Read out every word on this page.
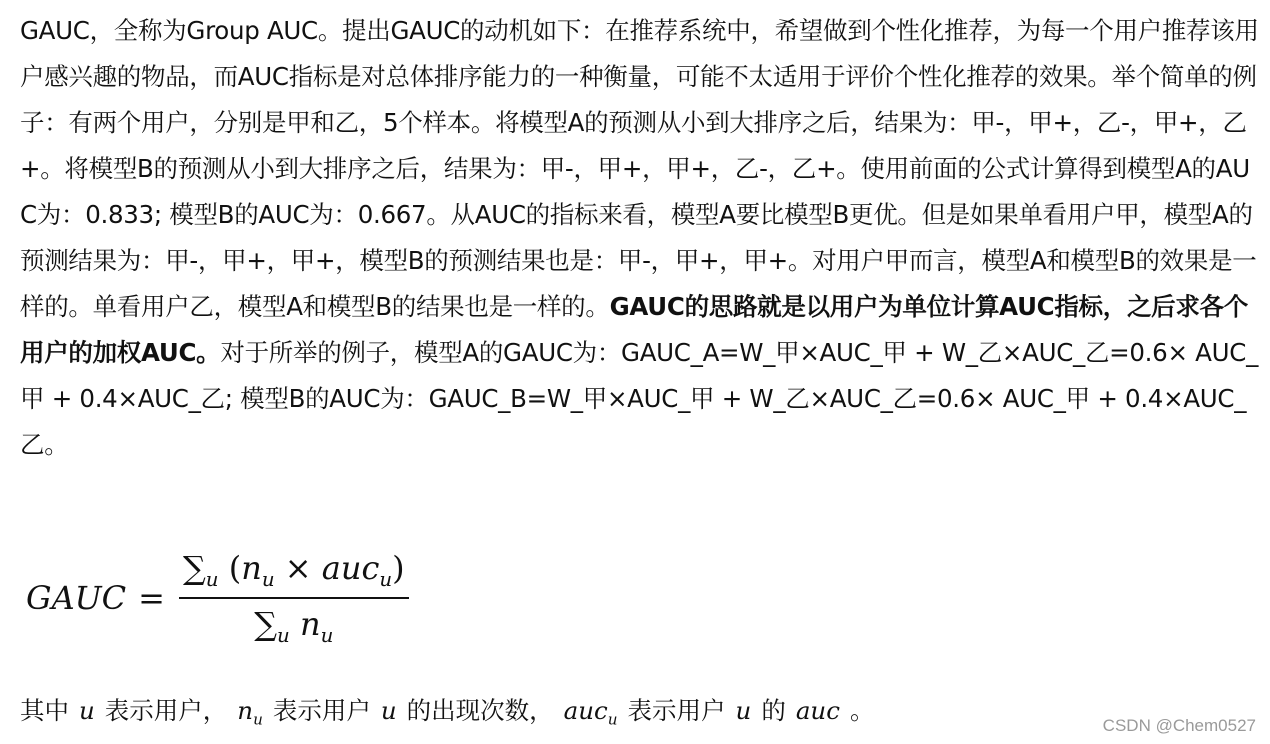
GAUC，全称为Group AUC。提出GAUC的动机如下：在推荐系统中，希望做到个性化推荐，为每一个用户推荐该用户感兴趣的物品，而AUC指标是对总体排序能力的一种衡量，可能不太适用于评价个性化推荐的效果。举个简单的例子：有两个用户，分别是甲和乙，5个样本。将模型A的预测从小到大排序之后，结果为：甲-，甲+，乙-，甲+，乙+。将模型B的预测从小到大排序之后，结果为：甲-，甲+，甲+，乙-，乙+。使用前面的公式计算得到模型A的AUC为：0.833; 模型B的AUC为：0.667。从AUC的指标来看，模型A要比模型B更优。但是如果单看用户甲，模型A的预测结果为：甲-，甲+，甲+，模型B的预测结果也是：甲-，甲+，甲+。对用户甲而言，模型A和模型B的效果是一样的。单看用户乙，模型A和模型B的结果也是一样的。GAUC的思路就是以用户为单位计算AUC指标，之后求各个用户的加权AUC。对于所举的例子，模型A的GAUC为：GAUC_A=W_甲×AUC_甲 + W_乙×AUC_乙=0.6× AUC_甲 + 0.4×AUC_乙; 模型B的AUC为：GAUC_B=W_甲×AUC_甲 + W_乙×AUC_乙=0.6× AUC_甲 + 0.4×AUC_乙。

GAUC = $\frac{\sum_u (n_u \times auc_u)}{\sum_u n_u}$
其中 u 表示用户， $n_u$ 表示用户 u 的出现次数， auc$_u$ 表示用户 u 的 auc 。
CSDN @Chem0527
